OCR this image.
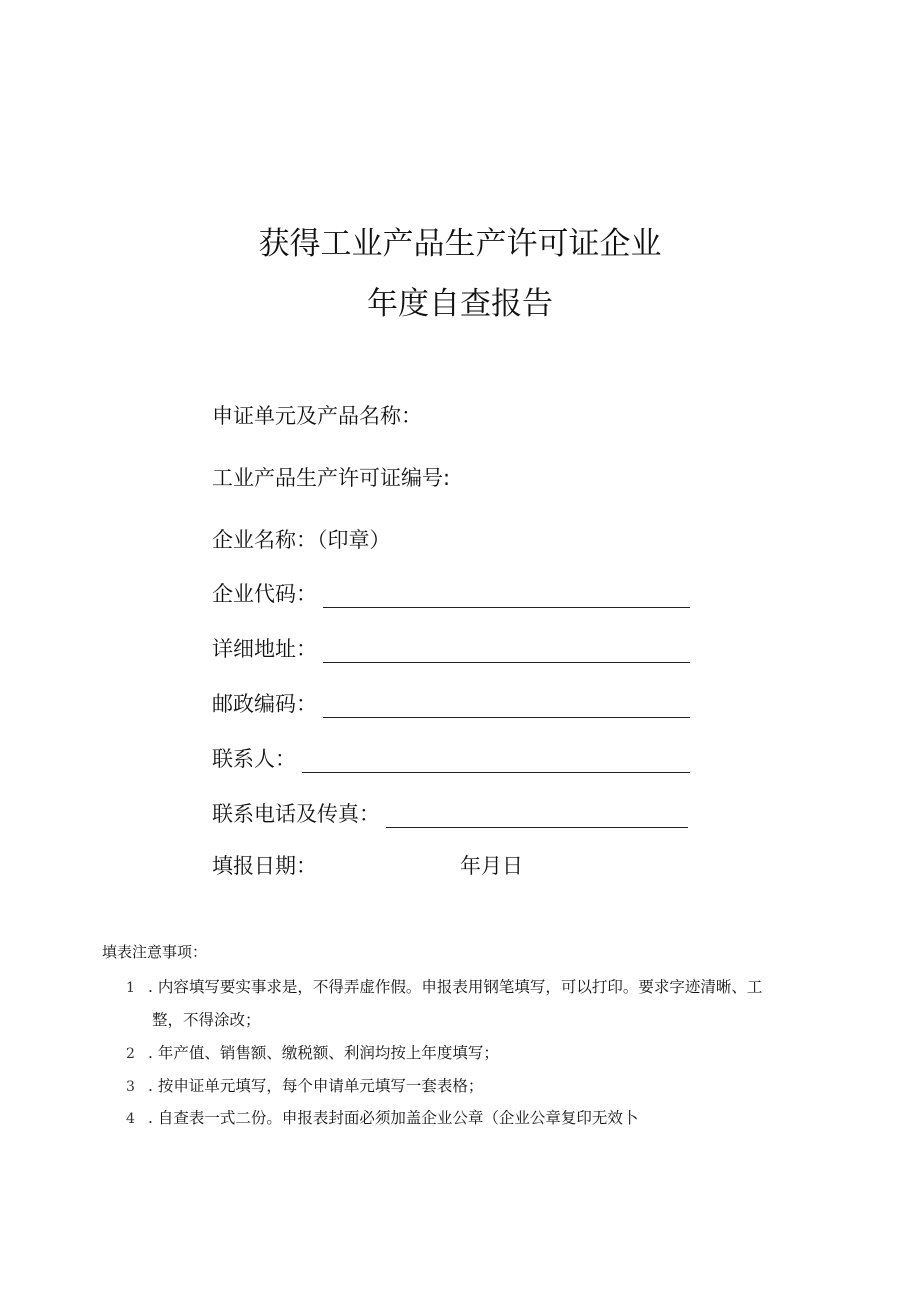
获得工业产品生产许可证企业
年度自查报告
申证单元及产品名称：
工业产品生产许可证编号:
企业名称：（印章）
企业代码：
详细地址：
邮政编码：
联系人：
联系电话及传真：
填报日期：	年月日
填表注意事项：
1 . 内容填写要实事求是，不得弄虚作假。申报表用钢笔填写，可以打印。要求字迹清晰、工
整，不得涂改；
2 . 年产值、销售额、缴税额、利润均按上年度填写；
3 . 按申证单元填写，每个申请单元填写一套表格；
4 . 自查表一式二份。申报表封面必须加盖企业公章（企业公章复印无效卜
